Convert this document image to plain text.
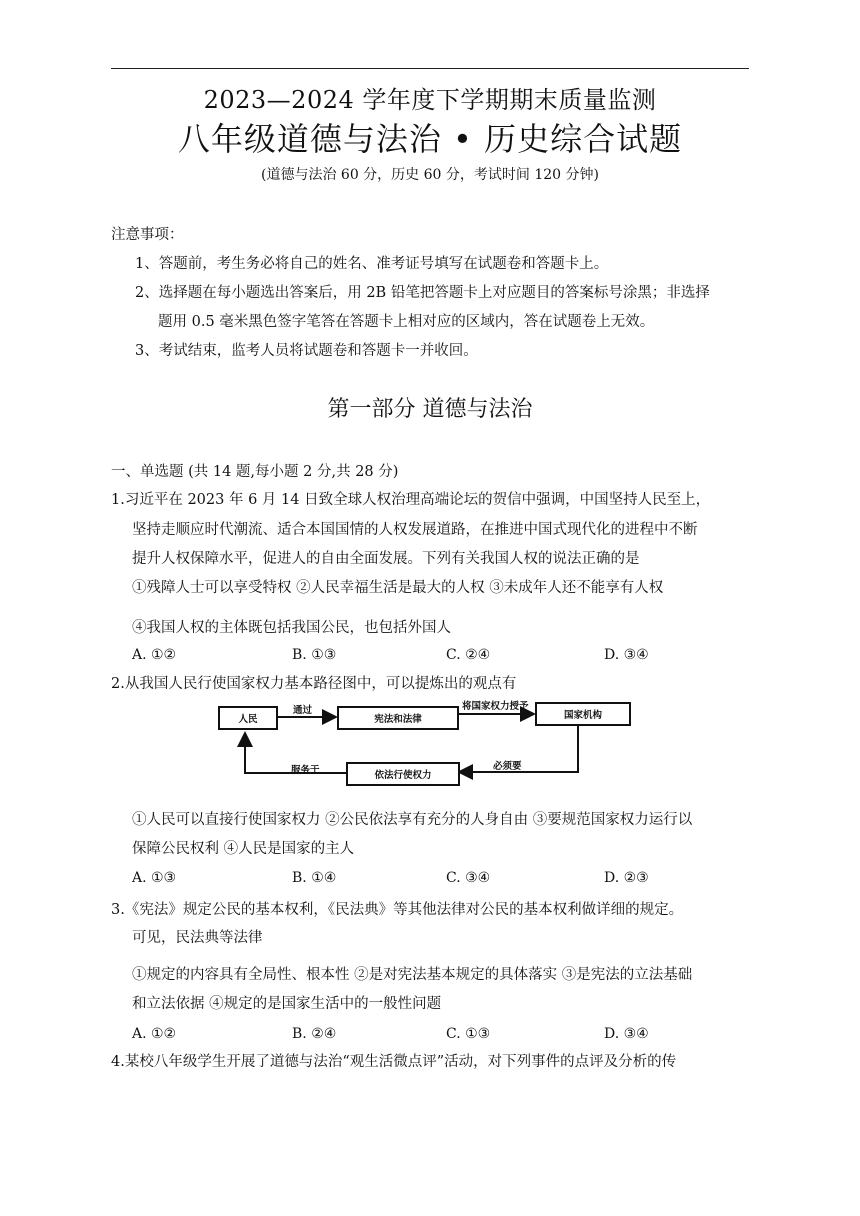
2023—2024 学年度下学期期末质量监测
八年级道德与法治 • 历史综合试题
(道德与法治 60 分，历史 60 分，考试时间 120 分钟)
注意事项：
1、答题前，考生务必将自己的姓名、准考证号填写在试题卷和答题卡上。
2、选择题在每小题选出答案后，用 2B 铅笔把答题卡上对应题目的答案标号涂黑；非选择
题用 0.5 毫米黑色签字笔答在答题卡上相对应的区域内，答在试题卷上无效。
3、考试结束，监考人员将试题卷和答题卡一并收回。
第一部分 道德与法治
一、单选题 (共 14 题,每小题 2 分,共 28 分)
1.习近平在 2023 年 6 月 14 日致全球人权治理高端论坛的贺信中强调，中国坚持人民至上，
坚持走顺应时代潮流、适合本国国情的人权发展道路，在推进中国式现代化的进程中不断
提升人权保障水平，促进人的自由全面发展。下列有关我国人权的说法正确的是
①残障人士可以享受特权 ②人民幸福生活是最大的人权 ③未成年人还不能享有人权
④我国人权的主体既包括我国公民，也包括外国人
A. ①②	B. ①③	C. ②④	D. ③④
2.从我国人民行使国家权力基本路径图中，可以提炼出的观点有
人民	宪法和法律	国家机构
依法行使权力
通过	将国家权力授予
必须要
服务于
①人民可以直接行使国家权力 ②公民依法享有充分的人身自由 ③要规范国家权力运行以
保障公民权利 ④人民是国家的主人
A. ①③	B. ①④	C. ③④	D. ②③
3.《宪法》规定公民的基本权利，《民法典》等其他法律对公民的基本权利做详细的规定。
可见，民法典等法律
①规定的内容具有全局性、根本性 ②是对宪法基本规定的具体落实 ③是宪法的立法基础
和立法依据 ④规定的是国家生活中的一般性问题
A. ①②	B. ②④	C. ①③	D. ③④
4.某校八年级学生开展了道德与法治“观生活微点评”活动，对下列事件的点评及分析的传
